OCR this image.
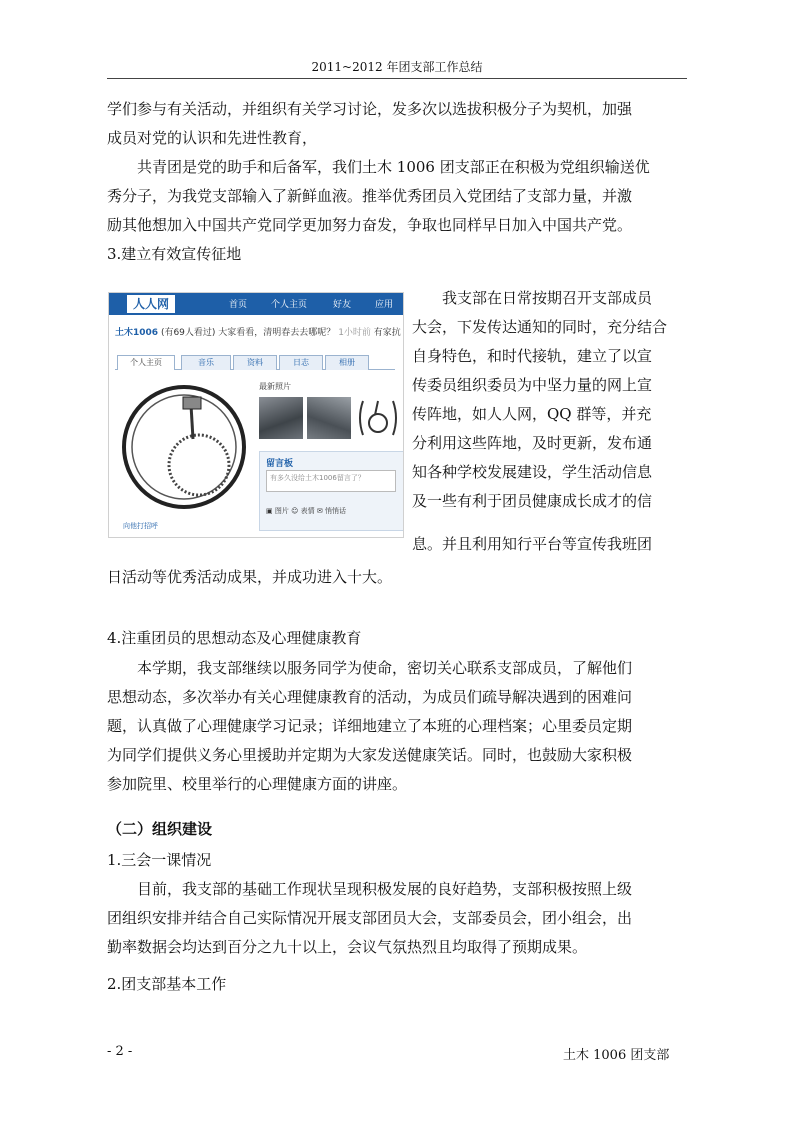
2011~2012 年团支部工作总结
学们参与有关活动，并组织有关学习讨论，发多次以选拔积极分子为契机，加强
成员对党的认识和先进性教育，
　　共青团是党的助手和后备军，我们土木 1006 团支部正在积极为党组织输送优
秀分子，为我党支部输入了新鲜血液。推举优秀团员入党团结了支部力量，并激
励其他想加入中国共产党同学更加努力奋发，争取也同样早日加入中国共产党。
3.建立有效宣传征地
　　我支部在日常按期召开支部成员
大会，下发传达通知的同时，充分结合
自身特色，和时代接轨，建立了以宣
传委员组织委员为中坚力量的网上宣
传阵地，如人人网，QQ 群等，并充
分利用这些阵地，及时更新，发布通
知各种学校发展建设，学生活动信息
及一些有利于团员健康成长成才的信
息。并且利用知行平台等宣传我班团
日活动等优秀活动成果，并成功进入十大。
4.注重团员的思想动态及心理健康教育
　　本学期，我支部继续以服务同学为使命，密切关心联系支部成员，了解他们
思想动态，多次举办有关心理健康教育的活动，为成员们疏导解决遇到的困难问
题，认真做了心理健康学习记录；详细地建立了本班的心理档案；心里委员定期
为同学们提供义务心里援助并定期为大家发送健康笑话。同时，也鼓励大家积极
参加院里、校里举行的心理健康方面的讲座。
（二）组织建设
1.三会一课情况
　　目前，我支部的基础工作现状呈现积极发展的良好趋势，支部积极按照上级
团组织安排并结合自己实际情况开展支部团员大会，支部委员会，团小组会，出
勤率数据会均达到百分之九十以上，会议气氛热烈且均取得了预期成果。
2.团支部基本工作
人人网	首页	个人主页	好友	应用
土木1006 (有69人看过) 大家看看，清明春去去哪呢？ 1小时前 有家抗
个人主页	音乐	资料	日志	相册
最新照片
留言板
有多久没给土木1006留言了？
▣ 图片 ☺ 表情 ✉ 悄悄话
向他打招呼
- 2 -	土木 1006 团支部
